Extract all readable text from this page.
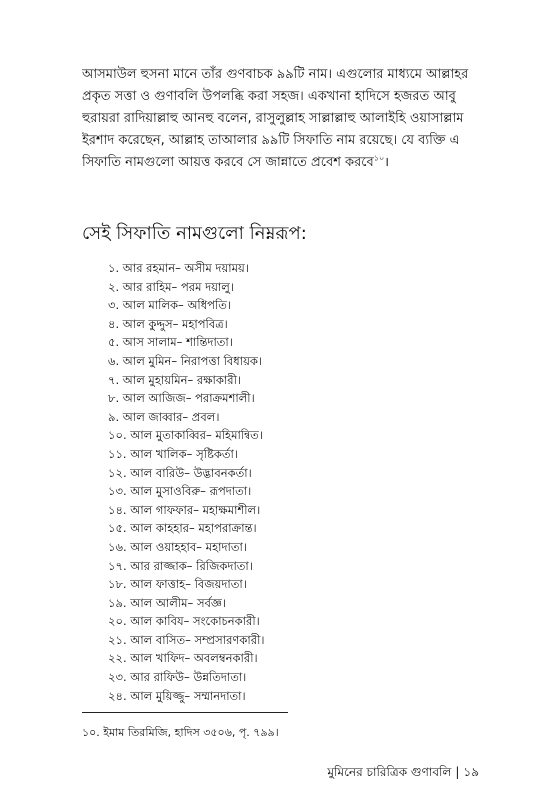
আসমাউল হুসনা মানে তাঁর গুণবাচক ৯৯টি নাম। এগুলোর মাধ্যমে আল্লাহর
প্রকৃত সত্তা ও গুণাবলি উপলব্ধি করা সহজ। একখানা হাদিসে হজরত আবু
হুরায়রা রাদিয়াল্লাহু আনহু বলেন, রাসুলুল্লাহ সাল্লাল্লাহু আলাইহি ওয়াসাল্লাম
ইরশাদ করেছেন, আল্লাহ তাআলার ৯৯টি সিফাতি নাম রয়েছে। যে ব্যক্তি এ
সিফাতি নামগুলো আয়ত্ত করবে সে জান্নাতে প্রবেশ করবে$^{১০}$।
সেই সিফাতি নামগুলো নিম্নরূপ:
১. আর রহমান– অসীম দয়াময়।
২. আর রাহিম– পরম দয়ালু।
৩. আল মালিক– অধিপতি।
৪. আল কুদ্দুস– মহাপবিত্র।
৫. আস সালাম– শান্তিদাতা।
৬. আল মুমিন– নিরাপত্তা বিধায়ক।
৭. আল মুহায়মিন– রক্ষাকারী।
৮. আল আজিজ– পরাক্রমশালী।
৯. আল জাব্বার– প্রবল।
১০. আল মুতাকাব্বির– মহিমান্বিত।
১১. আল খালিক– সৃষ্টিকর্তা।
১২. আল বারিউ– উদ্ভাবনকর্তা।
১৩. আল মুসাওবিরু– রূপদাতা।
১৪. আল গাফফার– মহাক্ষমাশীল।
১৫. আল কাহহার– মহাপরাক্রান্ত।
১৬. আল ওয়াহহাব– মহাদাতা।
১৭. আর রাজ্জাক– রিজিকদাতা।
১৮. আল ফাত্তাহ– বিজয়দাতা।
১৯. আল আলীম– সর্বজ্ঞ।
২০. আল কাবিয– সংকোচনকারী।
২১. আল বাসিত– সম্প্রসারণকারী।
২২. আল খাফিদ– অবলম্বনকারী।
২৩. আর রাফিউ– উন্নতিদাতা।
২৪. আল মুয়িজ্জু– সম্মানদাতা।
১০. ইমাম তিরমিজি, হাদিস ৩৫০৬, পৃ. ৭৯৯।
মুমিনের চারিত্রিক গুণাবলি | ১৯
